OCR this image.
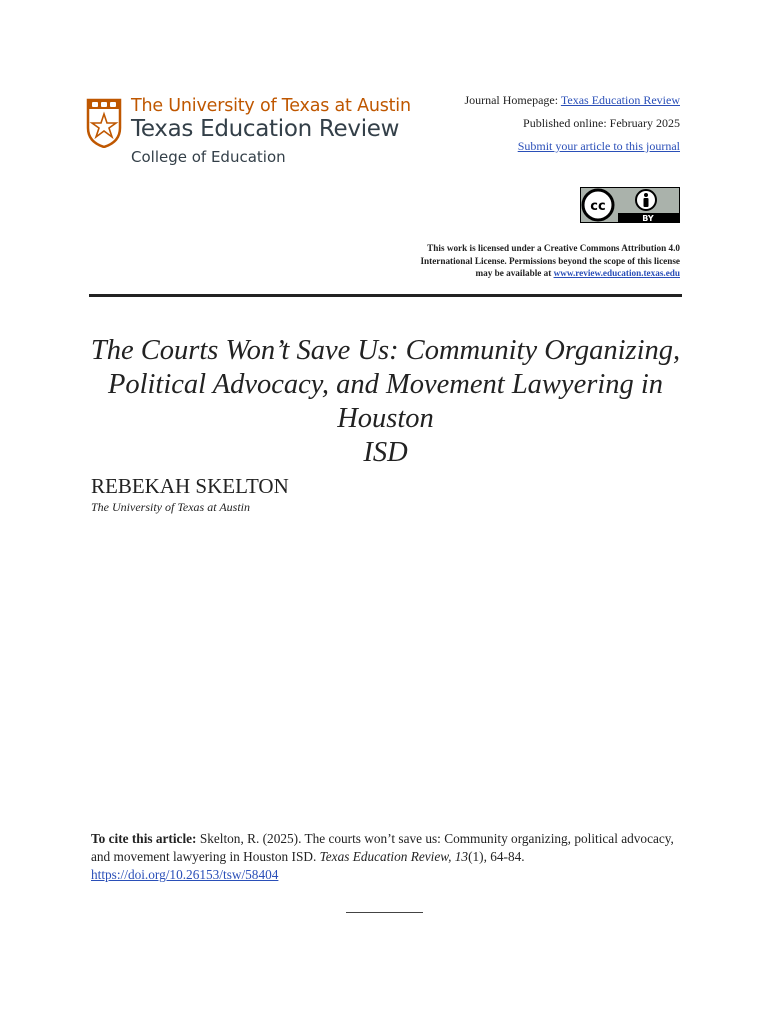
The University of Texas at Austin
Texas Education Review
College of Education
Journal Homepage: Texas Education Review
Published online: February 2025
Submit your article to this journal
cc
BY
This work is licensed under a Creative Commons Attribution 4.0
International License. Permissions beyond the scope of this license
may be available at www.review.education.texas.edu
The Courts Won’t Save Us: Community Organizing,
Political Advocacy, and Movement Lawyering in Houston
ISD
REBEKAH SKELTON
The University of Texas at Austin
To cite this article: Skelton, R. (2025). The courts won’t save us: Community organizing, political advocacy, and movement lawyering in Houston ISD. Texas Education Review, 13(1), 64-84.
https://doi.org/10.26153/tsw/58404
